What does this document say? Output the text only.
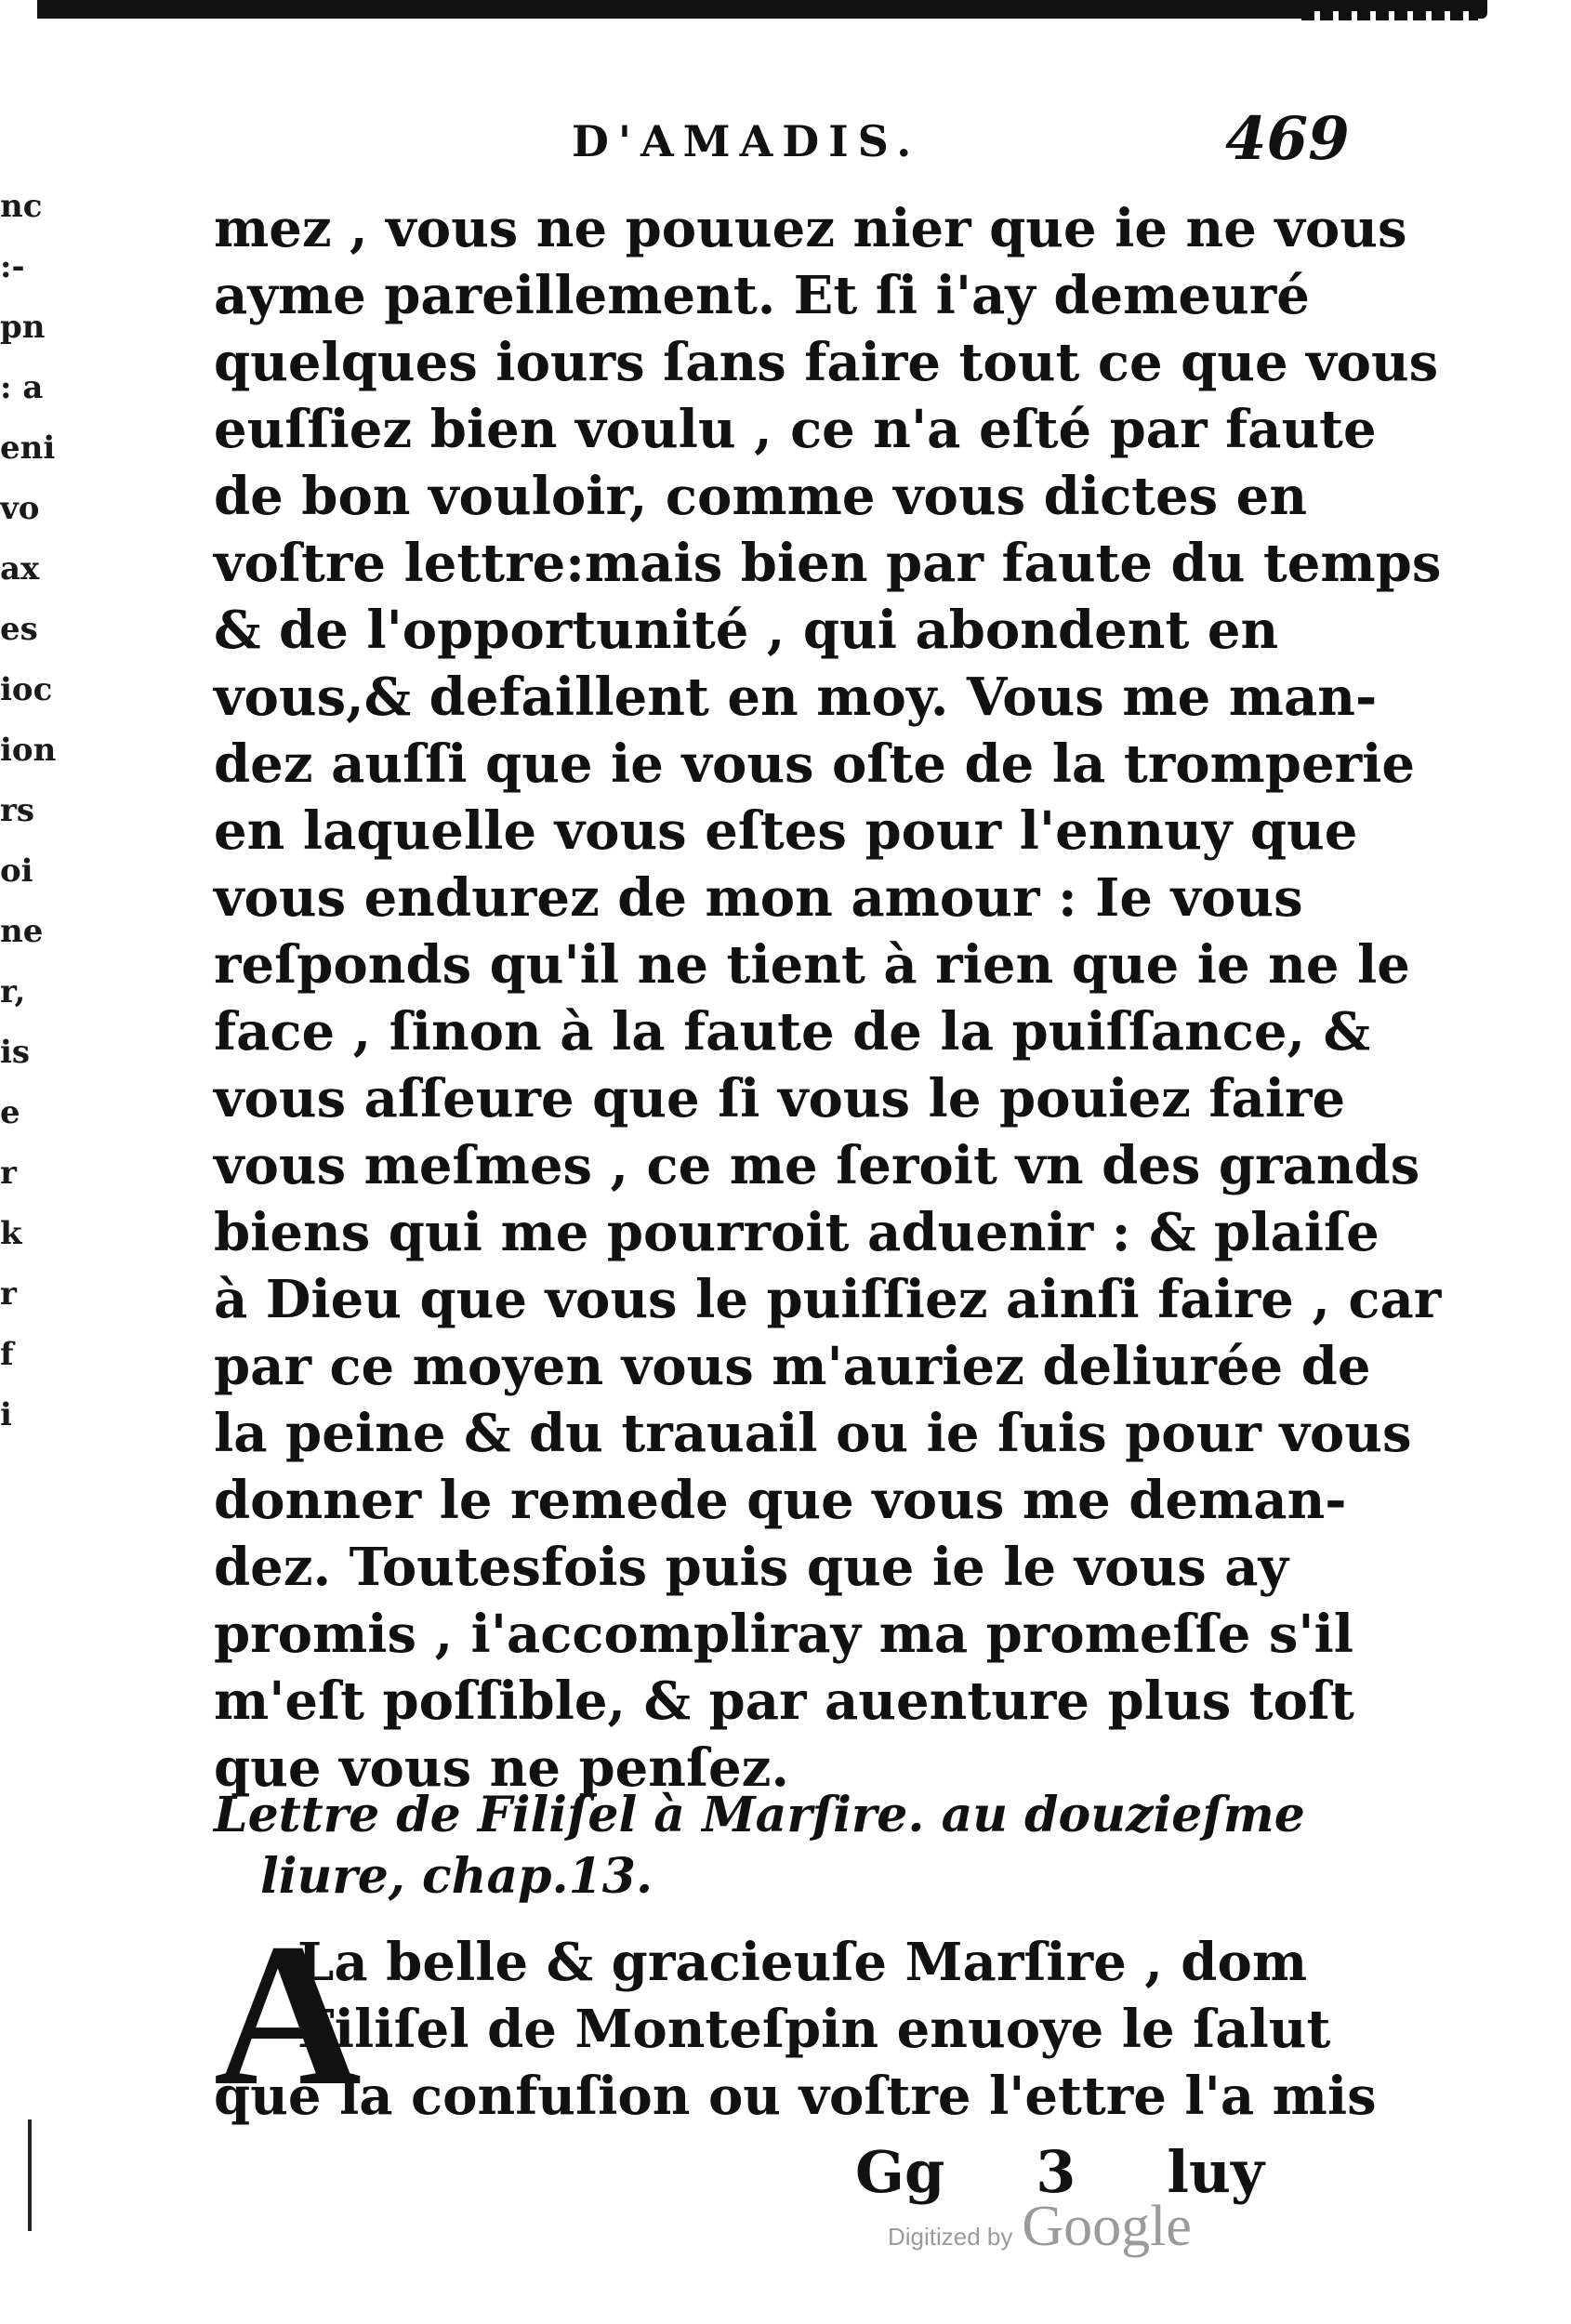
nc
:-
pn
: a
eni
vo
ax
es
ioc
ion
rs
oi
ne
r,
is
e
r
k
r
f
i
D'AMADIS.	469
mez , vous ne pouuez nier que ie ne vous
ayme pareillement. Et ſi i'ay demeuré
quelques iours ſans faire tout ce que vous
euſſiez bien voulu , ce n'a eſté par faute
de bon vouloir, comme vous dictes en
voſtre lettre:mais bien par faute du temps
& de l'opportunité , qui abondent en
vous,& defaillent en moy. Vous me man-
dez auſſi que ie vous oſte de la tromperie
en laquelle vous eſtes pour l'ennuy que
vous endurez de mon amour : Ie vous
reſponds qu'il ne tient à rien que ie ne le
face , ſinon à la faute de la puiſſance, &
vous aſſeure que ſi vous le pouiez faire
vous meſmes , ce me ſeroit vn des grands
biens qui me pourroit aduenir : & plaiſe
à Dieu que vous le puiſſiez ainſi faire , car
par ce moyen vous m'auriez deliurée de
la peine & du trauail ou ie ſuis pour vous
donner le remede que vous me deman-
dez. Toutesfois puis que ie le vous ay
promis , i'accompliray ma promeſſe s'il
m'eſt poſſible, & par auenture plus toſt
que vous ne penſez.
Lettre de Filiſel à Marſire. au douzieſme
liure, chap.13.
A
La belle & gracieuſe Marſire , dom
Filiſel de Monteſpin enuoye le ſalut
que la confuſion ou voſtre l'ettre l'a mis
Gg 3 luy
Digitized by Google
